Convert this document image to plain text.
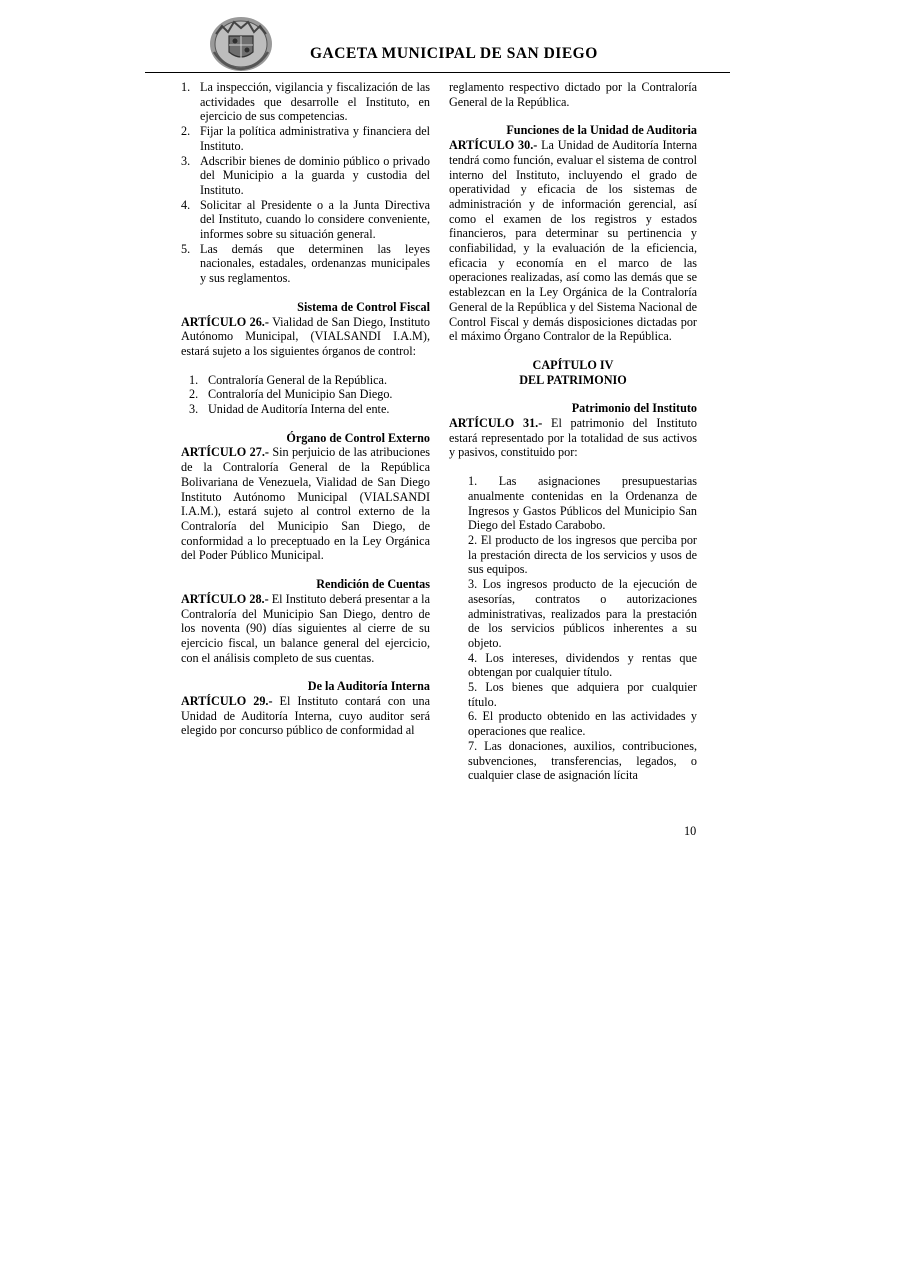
GACETA MUNICIPAL DE SAN DIEGO
1. La inspección, vigilancia y fiscalización de las actividades que desarrolle el Instituto, en ejercicio de sus competencias.
2. Fijar la política administrativa y financiera del Instituto.
3. Adscribir bienes de dominio público o privado del Municipio a la guarda y custodia del Instituto.
4. Solicitar al Presidente o a la Junta Directiva del Instituto, cuando lo considere conveniente, informes sobre su situación general.
5. Las demás que determinen las leyes nacionales, estadales, ordenanzas municipales y sus reglamentos.

Sistema de Control Fiscal

ARTÍCULO 26.- Vialidad de San Diego, Instituto Autónomo Municipal, (VIALSANDI I.A.M), estará sujeto a los siguientes órganos de control:

1. Contraloría General de la República.
2. Contraloría del Municipio San Diego.
3. Unidad de Auditoría Interna del ente.

Órgano de Control Externo

ARTÍCULO 27.- Sin perjuicio de las atribuciones de la Contraloría General de la República Bolivariana de Venezuela, Vialidad de San Diego Instituto Autónomo Municipal (VIALSANDI I.A.M.), estará sujeto al control externo de la Contraloría del Municipio San Diego, de conformidad a lo preceptuado en la Ley Orgánica del Poder Público Municipal.

Rendición de Cuentas

ARTÍCULO 28.- El Instituto deberá presentar a la Contraloría del Municipio San Diego, dentro de los noventa (90) días siguientes al cierre de su ejercicio fiscal, un balance general del ejercicio, con el análisis completo de sus cuentas.

De la Auditoría Interna

ARTÍCULO 29.- El Instituto contará con una Unidad de Auditoría Interna, cuyo auditor será elegido por concurso público de conformidad al

reglamento respectivo dictado por la Contraloría General de la República.

Funciones de la Unidad de Auditoria

ARTÍCULO 30.- La Unidad de Auditoría Interna tendrá como función, evaluar el sistema de control interno del Instituto, incluyendo el grado de operatividad y eficacia de los sistemas de administración y de información gerencial, así como el examen de los registros y estados financieros, para determinar su pertinencia y confiabilidad, y la evaluación de la eficiencia, eficacia y economía en el marco de las operaciones realizadas, así como las demás que se establezcan en la Ley Orgánica de la Contraloría General de la República y del Sistema Nacional de Control Fiscal y demás disposiciones dictadas por el máximo Órgano Contralor de la República.

CAPÍTULO IV

DEL PATRIMONIO

Patrimonio del Instituto

ARTÍCULO 31.- El patrimonio del Instituto estará representado por la totalidad de sus activos y pasivos, constituido por:

1. Las asignaciones presupuestarias anualmente contenidas en la Ordenanza de Ingresos y Gastos Públicos del Municipio San Diego del Estado Carabobo.
2. El producto de los ingresos que perciba por la prestación directa de los servicios y usos de sus equipos.
3. Los ingresos producto de la ejecución de asesorías, contratos o autorizaciones administrativas, realizados para la prestación de los servicios públicos inherentes a su objeto.
4. Los intereses, dividendos y rentas que obtengan por cualquier título.
5. Los bienes que adquiera por cualquier título.
6. El producto obtenido en las actividades y operaciones que realice.
7. Las donaciones, auxilios, contribuciones, subvenciones, transferencias, legados, o cualquier clase de asignación lícita
10
